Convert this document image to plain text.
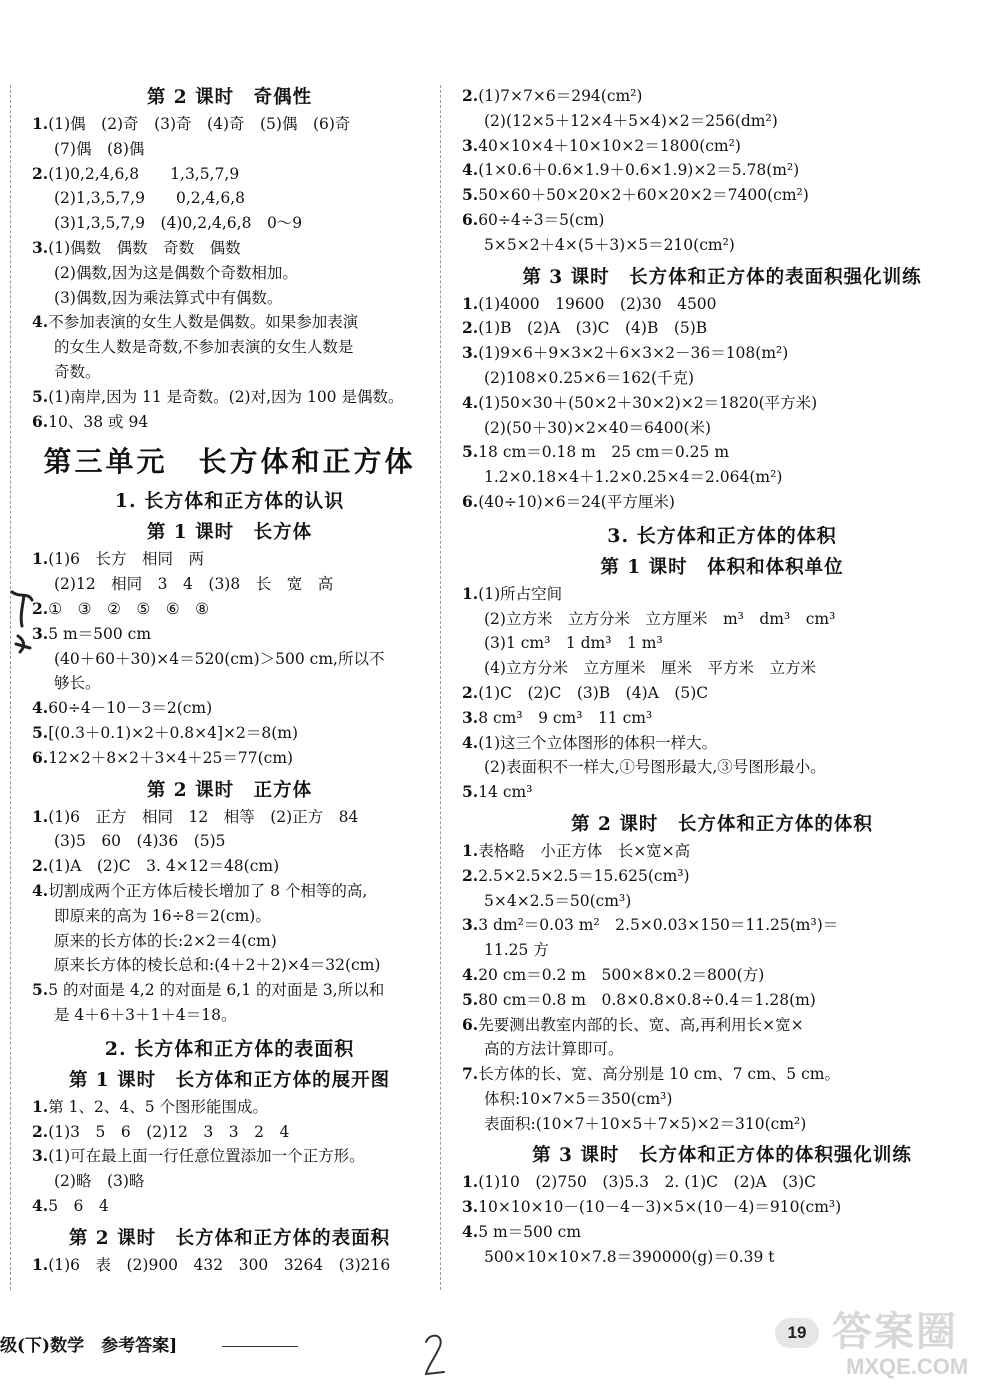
第 2 课时　奇偶性
1.(1)偶　(2)奇　(3)奇　(4)奇　(5)偶　(6)奇
(7)偶　(8)偶
2.(1)0,2,4,6,8　　1,3,5,7,9
(2)1,3,5,7,9　　0,2,4,6,8
(3)1,3,5,7,9　(4)0,2,4,6,8　0～9
3.(1)偶数　偶数　奇数　偶数
(2)偶数,因为这是偶数个奇数相加。
(3)偶数,因为乘法算式中有偶数。
4.不参加表演的女生人数是偶数。如果参加表演
的女生人数是奇数,不参加表演的女生人数是
奇数。
5.(1)南岸,因为 11 是奇数。(2)对,因为 100 是偶数。
6.10、38 或 94
第三单元　长方体和正方体
1. 长方体和正方体的认识
第 1 课时　长方体
1.(1)6　长方　相同　两
(2)12　相同　3　4　(3)8　长　宽　高
2.①　③　②　⑤　⑥　⑧
3.5 m＝500 cm
(40＋60＋30)×4＝520(cm)＞500 cm,所以不
够长。
4.60÷4－10－3＝2(cm)
5.[(0.3＋0.1)×2＋0.8×4]×2＝8(m)
6.12×2＋8×2＋3×4＋25＝77(cm)
第 2 课时　正方体
1.(1)6　正方　相同　12　相等　(2)正方　84
(3)5　60　(4)36　(5)5
2.(1)A　(2)C　3. 4×12＝48(cm)
4.切割成两个正方体后棱长增加了 8 个相等的高,
即原来的高为 16÷8＝2(cm)。
原来的长方体的长:2×2＝4(cm)
原来长方体的棱长总和:(4＋2＋2)×4＝32(cm)
5.5 的对面是 4,2 的对面是 6,1 的对面是 3,所以和
是 4＋6＋3＋1＋4＝18。
2. 长方体和正方体的表面积
第 1 课时　长方体和正方体的展开图
1.第 1、2、4、5 个图形能围成。
2.(1)3　5　6　(2)12　3　3　2　4
3.(1)可在最上面一行任意位置添加一个正方形。
(2)略　(3)略
4.5　6　4
第 2 课时　长方体和正方体的表面积
1.(1)6　表　(2)900　432　300　3264　(3)216
2.(1)7×7×6＝294(cm²)
(2)(12×5＋12×4＋5×4)×2＝256(dm²)
3.40×10×4＋10×10×2＝1800(cm²)
4.(1×0.6＋0.6×1.9＋0.6×1.9)×2＝5.78(m²)
5.50×60＋50×20×2＋60×20×2＝7400(cm²)
6.60÷4÷3＝5(cm)
5×5×2＋4×(5＋3)×5＝210(cm²)
第 3 课时　长方体和正方体的表面积强化训练
1.(1)4000　19600　(2)30　4500
2.(1)B　(2)A　(3)C　(4)B　(5)B
3.(1)9×6＋9×3×2＋6×3×2－36＝108(m²)
(2)108×0.25×6＝162(千克)
4.(1)50×30＋(50×2＋30×2)×2＝1820(平方米)
(2)(50＋30)×2×40＝6400(米)
5.18 cm＝0.18 m　25 cm＝0.25 m
1.2×0.18×4＋1.2×0.25×4＝2.064(m²)
6.(40÷10)×6＝24(平方厘米)
3. 长方体和正方体的体积
第 1 课时　体积和体积单位
1.(1)所占空间
(2)立方米　立方分米　立方厘米　m³　dm³　cm³
(3)1 cm³　1 dm³　1 m³
(4)立方分米　立方厘米　厘米　平方米　立方米
2.(1)C　(2)C　(3)B　(4)A　(5)C
3.8 cm³　9 cm³　11 cm³
4.(1)这三个立体图形的体积一样大。
(2)表面积不一样大,①号图形最大,③号图形最小。
5.14 cm³
第 2 课时　长方体和正方体的体积
1.表格略　小正方体　长×宽×高
2.2.5×2.5×2.5＝15.625(cm³)
5×4×2.5＝50(cm³)
3.3 dm²＝0.03 m²　2.5×0.03×150＝11.25(m³)＝
11.25 方
4.20 cm＝0.2 m　500×8×0.2＝800(方)
5.80 cm＝0.8 m　0.8×0.8×0.8÷0.4＝1.28(m)
6.先要测出教室内部的长、宽、高,再利用长×宽×
高的方法计算即可。
7.长方体的长、宽、高分别是 10 cm、7 cm、5 cm。
体积:10×7×5＝350(cm³)
表面积:(10×7＋10×5＋7×5)×2＝310(cm²)
第 3 课时　长方体和正方体的体积强化训练
1.(1)10　(2)750　(3)5.3　2. (1)C　(2)A　(3)C
3.10×10×10－(10－4－3)×5×(10－4)＝910(cm³)
4.5 m＝500 cm
500×10×10×7.8＝390000(g)＝0.39 t
级(下)数学　参考答案]
19 答案圈
MXQE.COM
